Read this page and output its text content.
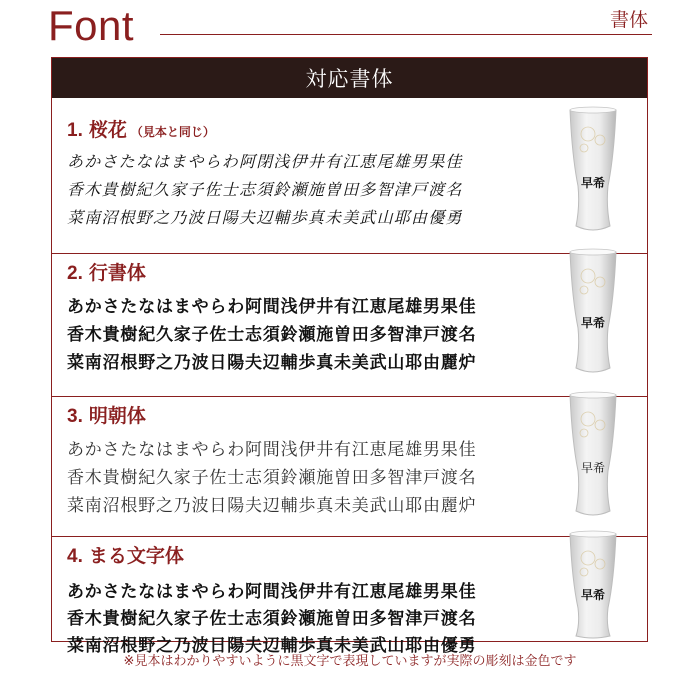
Font	書体
対応書体
1. 桜花 （見本と同じ）
あかさたなはまやらわ阿閉浅伊井有江恵尾雄男果佳
香木貴樹紀久家子佐士志須鈴瀬施曽田多智津戸渡名
菜南沼根野之乃波日陽夫辺輔歩真未美武山耶由優勇
2. 行書体
あかさたなはまやらわ阿間浅伊井有江恵尾雄男果佳
香木貴樹紀久家子佐士志須鈴瀬施曽田多智津戸渡名
菜南沼根野之乃波日陽夫辺輔歩真未美武山耶由麗炉
3. 明朝体
あかさたなはまやらわ阿間浅伊井有江恵尾雄男果佳
香木貴樹紀久家子佐士志須鈴瀬施曽田多智津戸渡名
菜南沼根野之乃波日陽夫辺輔歩真未美武山耶由麗炉
4. まる文字体
あかさたなはまやらわ阿間浅伊井有江恵尾雄男果佳
香木貴樹紀久家子佐士志須鈴瀬施曽田多智津戸渡名
菜南沼根野之乃波日陽夫辺輔歩真未美武山耶由優勇
早希
早希
早希
早希
※見本はわかりやすいように黒文字で表現していますが実際の彫刻は金色です
